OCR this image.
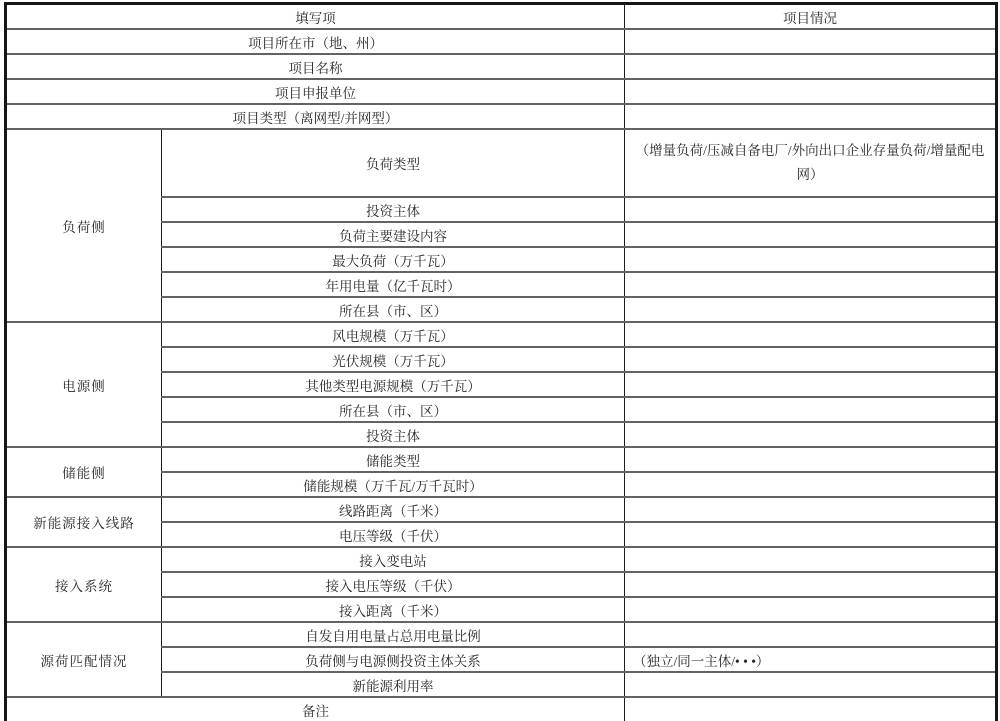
填写项		项目情况
项目所在市（地、州）		
项目名称		
项目申报单位		
项目类型（离网型/并网型）		
负荷侧	负荷类型	（增量负荷/压减自备电厂/外向出口企业存量负荷/增量配电网）
	投资主体	
	负荷主要建设内容	
	最大负荷（万千瓦）	
	年用电量（亿千瓦时）	
	所在县（市、区）	
电源侧	风电规模（万千瓦）	
	光伏规模（万千瓦）	
	其他类型电源规模（万千瓦）	
	所在县（市、区）	
	投资主体	
储能侧	储能类型	
	储能规模（万千瓦/万千瓦时）	
新能源接入线路	线路距离（千米）	
	电压等级（千伏）	
接入系统	接入变电站	
	接入电压等级（千伏）	
	接入距离（千米）	
源荷匹配情况	自发自用电量占总用电量比例	
	负荷侧与电源侧投资主体关系	（独立/同一主体/• • •）
	新能源利用率	
备注		
